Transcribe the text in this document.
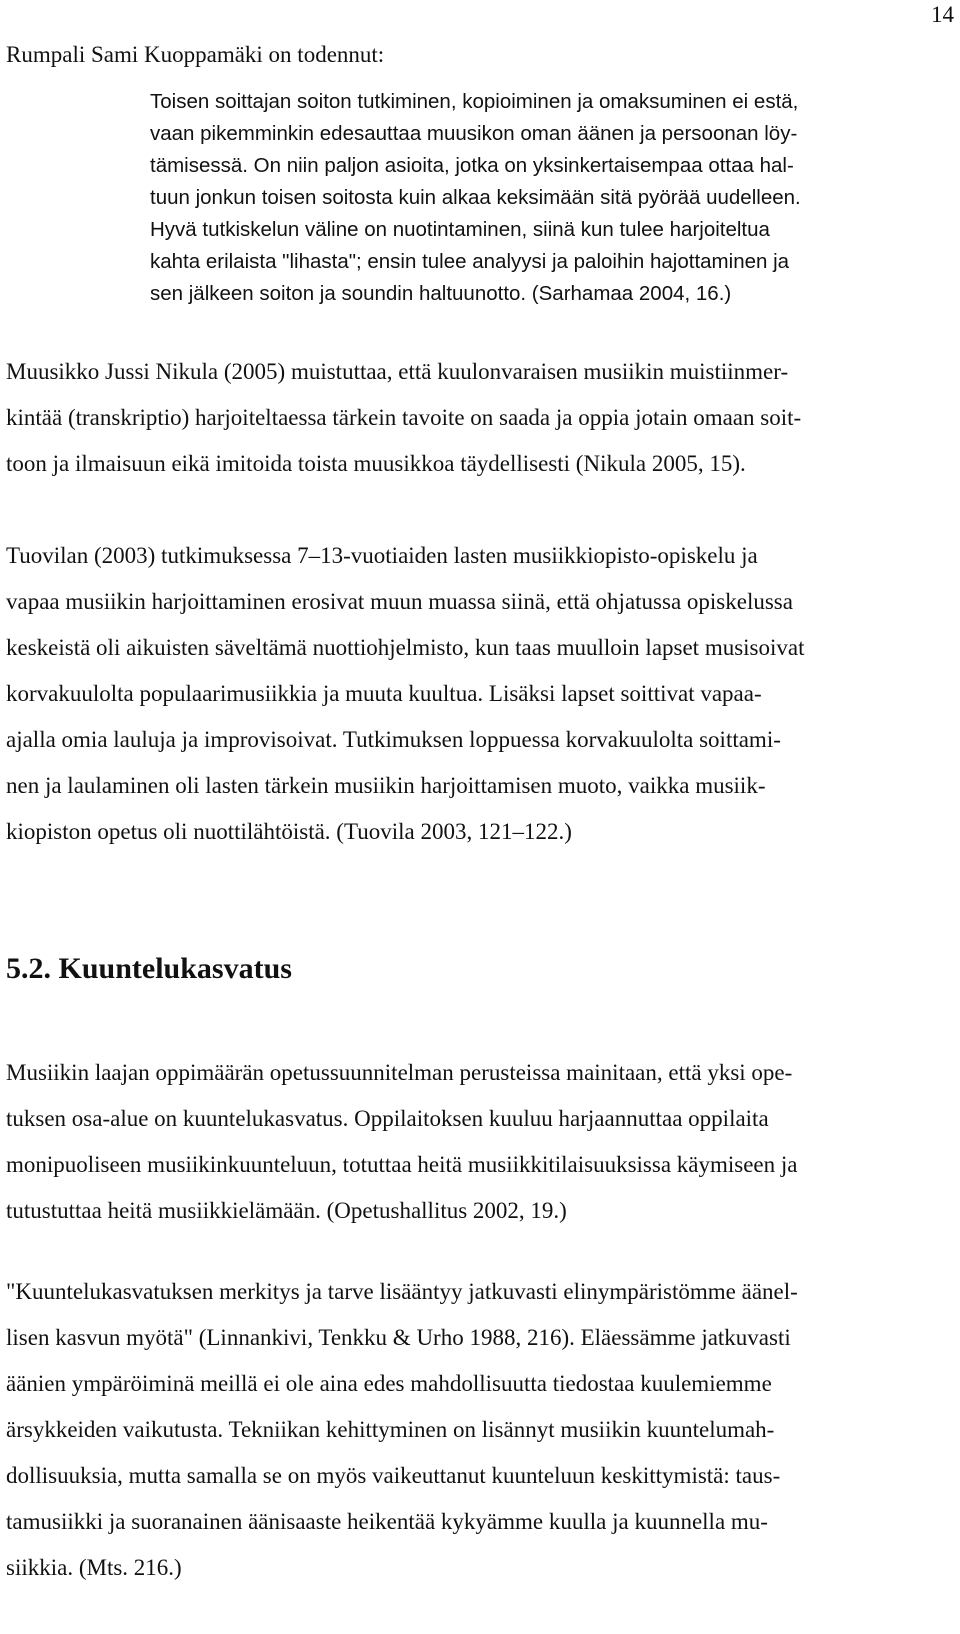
14

Rumpali Sami Kuoppamäki on todennut:

Toisen soittajan soiton tutkiminen, kopioiminen ja omaksuminen ei estä,
vaan pikemminkin edesauttaa muusikon oman äänen ja persoonan löy-
tämisessä. On niin paljon asioita, jotka on yksinkertaisempaa ottaa hal-
tuun jonkun toisen soitosta kuin alkaa keksimään sitä pyörää uudelleen.
Hyvä tutkiskelun väline on nuotintaminen, siinä kun tulee harjoiteltua
kahta erilaista "lihasta"; ensin tulee analyysi ja paloihin hajottaminen ja
sen jälkeen soiton ja soundin haltuunotto. (Sarhamaa 2004, 16.)
Muusikko Jussi Nikula (2005) muistuttaa, että kuulonvaraisen musiikin muistiinmer-
kintää (transkriptio) harjoiteltaessa tärkein tavoite on saada ja oppia jotain omaan soit-
toon ja ilmaisuun eikä imitoida toista muusikkoa täydellisesti (Nikula 2005, 15).
Tuovilan (2003) tutkimuksessa 7–13-vuotiaiden lasten musiikkiopisto-opiskelu ja
vapaa musiikin harjoittaminen erosivat muun muassa siinä, että ohjatussa opiskelussa
keskeistä oli aikuisten säveltämä nuottiohjelmisto, kun taas muulloin lapset musisoivat
korvakuulolta populaarimusiikkia ja muuta kuultua. Lisäksi lapset soittivat vapaa-
ajalla omia lauluja ja improvisoivat. Tutkimuksen loppuessa korvakuulolta soittami-
nen ja laulaminen oli lasten tärkein musiikin harjoittamisen muoto, vaikka musiik-
kiopiston opetus oli nuottilähtöistä. (Tuovila 2003, 121–122.)
5.2. Kuuntelukasvatus
Musiikin laajan oppimäärän opetussuunnitelman perusteissa mainitaan, että yksi ope-
tuksen osa-alue on kuuntelukasvatus. Oppilaitoksen kuuluu harjaannuttaa oppilaita
monipuoliseen musiikinkuunteluun, totuttaa heitä musiikkitilaisuuksissa käymiseen ja
tutustuttaa heitä musiikkielämään. (Opetushallitus 2002, 19.)
"Kuuntelukasvatuksen merkitys ja tarve lisääntyy jatkuvasti elinympäristömme äänel-
lisen kasvun myötä" (Linnankivi, Tenkku & Urho 1988, 216). Eläessämme jatkuvasti
äänien ympäröiminä meillä ei ole aina edes mahdollisuutta tiedostaa kuulemiemme
ärsykkeiden vaikutusta. Tekniikan kehittyminen on lisännyt musiikin kuuntelumah-
dollisuuksia, mutta samalla se on myös vaikeuttanut kuunteluun keskittymistä: taus-
tamusiikki ja suoranainen äänisaaste heikentää kykyämme kuulla ja kuunnella mu-
siikkia. (Mts. 216.)
